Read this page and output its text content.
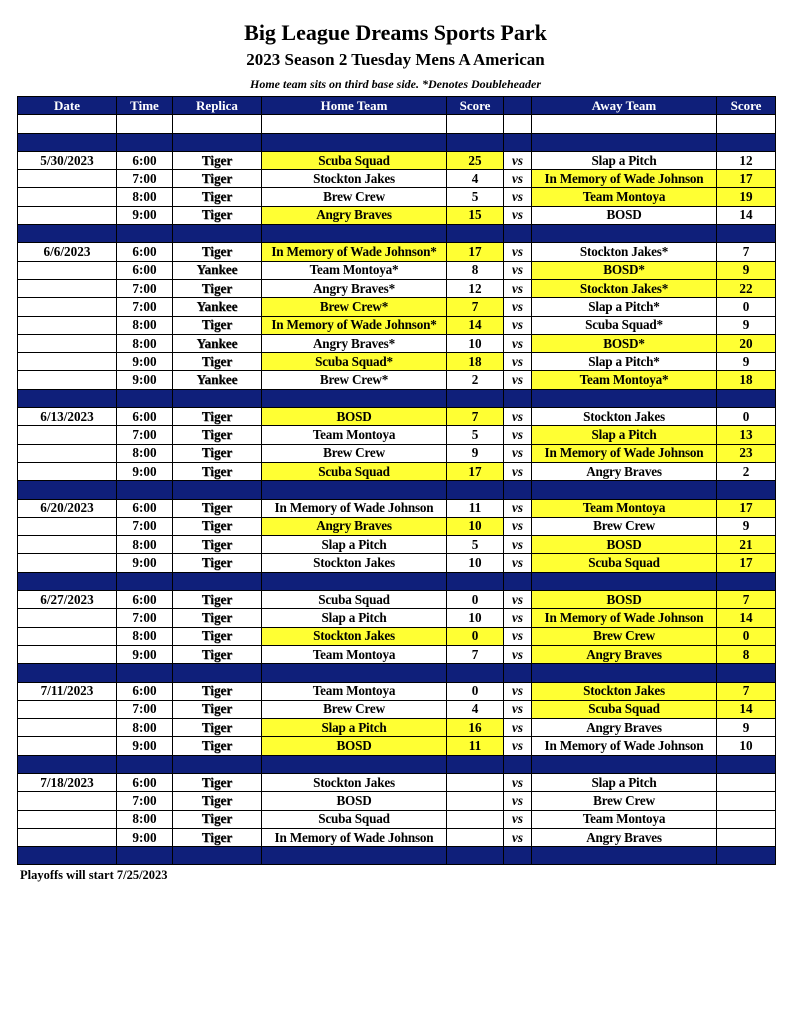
Big League Dreams Sports Park
2023 Season 2 Tuesday Mens A American
Home team sits on third base side. *Denotes Doubleheader
Date	Time	Replica	Home Team	Score		Away Team	Score

5/30/2023	6:00	Tiger	Scuba Squad	25	vs	Slap a Pitch	12
	7:00	Tiger	Stockton Jakes	4	vs	In Memory of Wade Johnson	17
	8:00	Tiger	Brew Crew	5	vs	Team Montoya	19
	9:00	Tiger	Angry Braves	15	vs	BOSD	14

6/6/2023	6:00	Tiger	In Memory of Wade Johnson*	17	vs	Stockton Jakes*	7
	6:00	Yankee	Team Montoya*	8	vs	BOSD*	9
	7:00	Tiger	Angry Braves*	12	vs	Stockton Jakes*	22
	7:00	Yankee	Brew Crew*	7	vs	Slap a Pitch*	0
	8:00	Tiger	In Memory of Wade Johnson*	14	vs	Scuba Squad*	9
	8:00	Yankee	Angry Braves*	10	vs	BOSD*	20
	9:00	Tiger	Scuba Squad*	18	vs	Slap a Pitch*	9
	9:00	Yankee	Brew Crew*	2	vs	Team Montoya*	18

6/13/2023	6:00	Tiger	BOSD	7	vs	Stockton Jakes	0
	7:00	Tiger	Team Montoya	5	vs	Slap a Pitch	13
	8:00	Tiger	Brew Crew	9	vs	In Memory of Wade Johnson	23
	9:00	Tiger	Scuba Squad	17	vs	Angry Braves	2

6/20/2023	6:00	Tiger	In Memory of Wade Johnson	11	vs	Team Montoya	17
	7:00	Tiger	Angry Braves	10	vs	Brew Crew	9
	8:00	Tiger	Slap a Pitch	5	vs	BOSD	21
	9:00	Tiger	Stockton Jakes	10	vs	Scuba Squad	17

6/27/2023	6:00	Tiger	Scuba Squad	0	vs	BOSD	7
	7:00	Tiger	Slap a Pitch	10	vs	In Memory of Wade Johnson	14
	8:00	Tiger	Stockton Jakes	0	vs	Brew Crew	0
	9:00	Tiger	Team Montoya	7	vs	Angry Braves	8

7/11/2023	6:00	Tiger	Team Montoya	0	vs	Stockton Jakes	7
	7:00	Tiger	Brew Crew	4	vs	Scuba Squad	14
	8:00	Tiger	Slap a Pitch	16	vs	Angry Braves	9
	9:00	Tiger	BOSD	11	vs	In Memory of Wade Johnson	10

7/18/2023	6:00	Tiger	Stockton Jakes		vs	Slap a Pitch	
	7:00	Tiger	BOSD		vs	Brew Crew	
	8:00	Tiger	Scuba Squad		vs	Team Montoya	
	9:00	Tiger	In Memory of Wade Johnson		vs	Angry Braves	

Playoffs will start 7/25/2023
